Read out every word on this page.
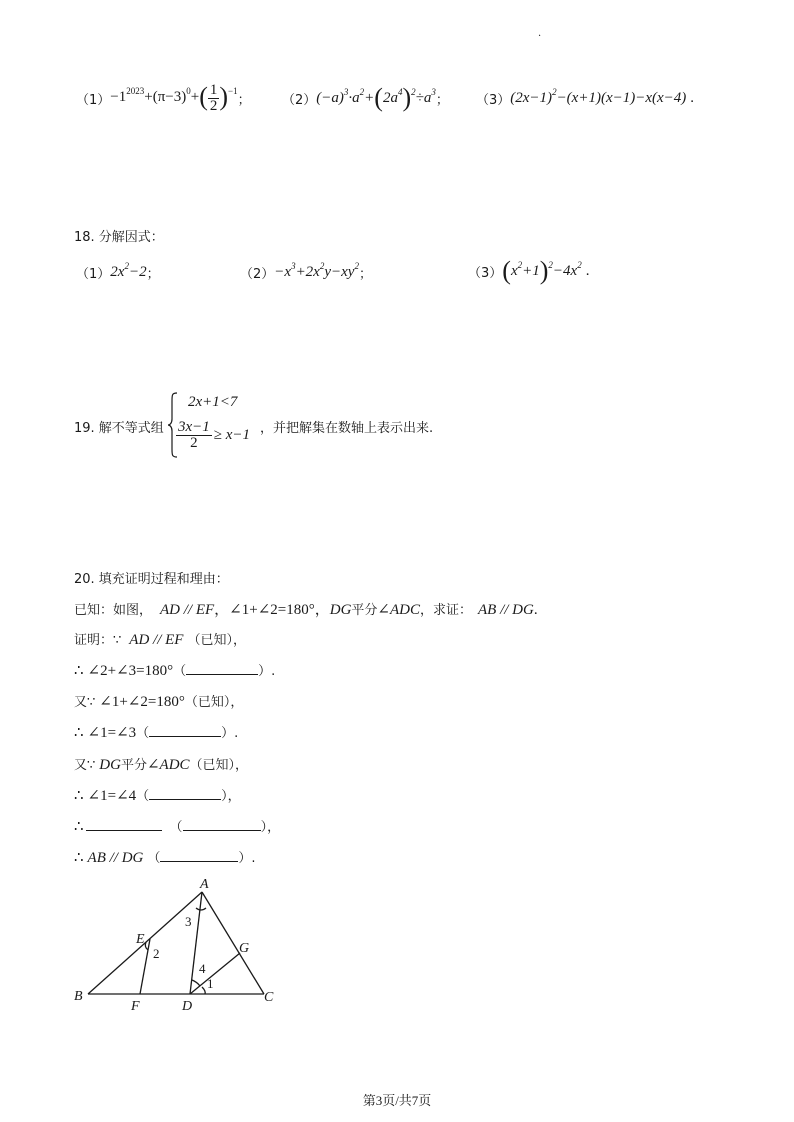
.
$(1) -1^{2023}+(\pi-3)^0+( \frac{1}{2} )^{-1}$
； （2） $(-a)^3\cdot a^2+(2a^4)^2\div a^3$
； （3） $(2x-1)^2-(x+1)(x-1)-x(x-4)$ .
18. 分解因式：
（1） $2x^2-2$ ；	$(2) -x^3+2x^2y-xy^2$
；	（3） $(x^2+1)^2-4x^2$ .
19. 解不等式组
2x+1<7
$\frac{3x-1}{2} \ge x-1$ ，并把解集在数轴上表示出来.
20. 填充证明过程和理由：
已知：如图， AD // EF ，∠1+∠2=180°， DG 平分 ∠ADC ，求证： AB // DG .
证明：∵ AD // EF （已知），
∴ ∠2+∠3=180° （	）.
又∵ ∠1+∠2=180° （已知），
∴ ∠1=∠3 （	）.
又∵ DG 平分 ∠ADC （已知），
∴ ∠1=∠4 （	），
∴	（	），
∴ AB // DG （	）.
A
B	C
D
E
F
G
3
2
4
1
第3页/共7页
